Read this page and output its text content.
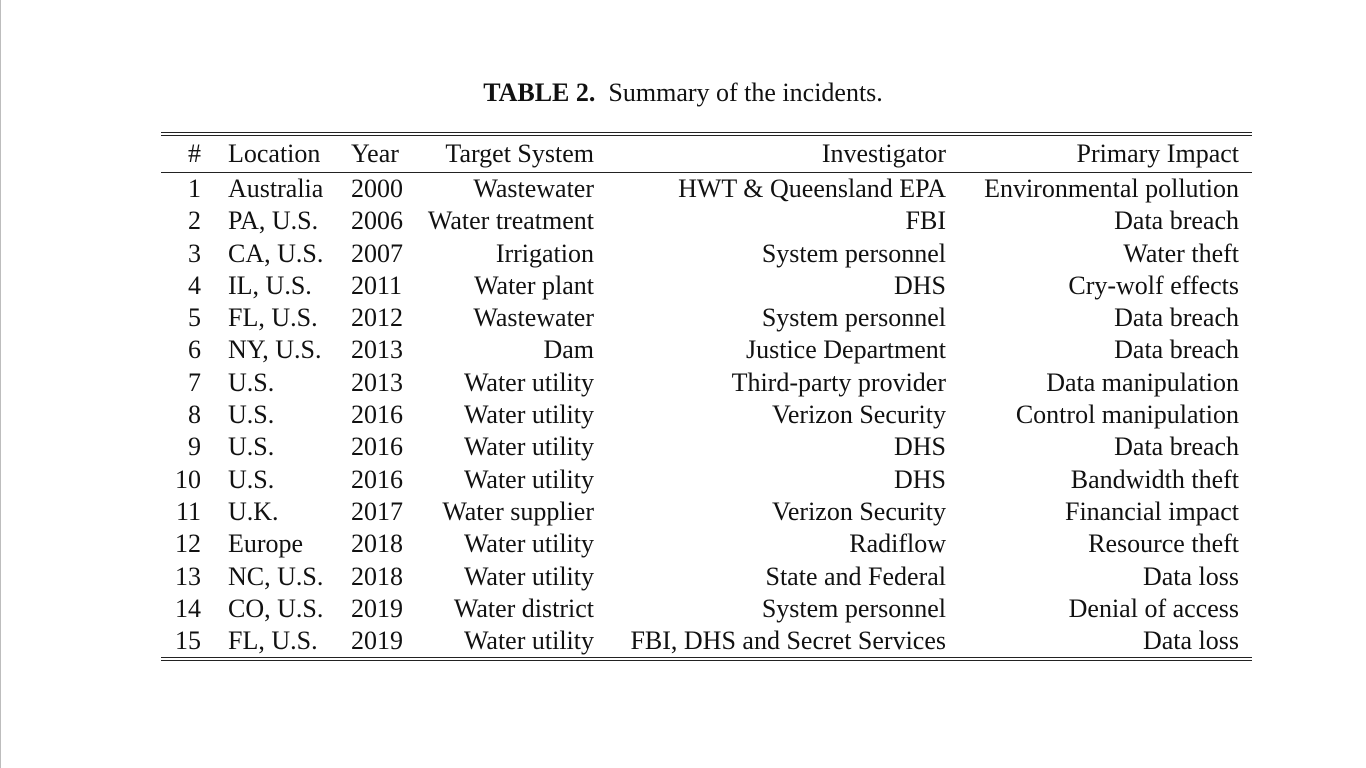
TABLE 2. Summary of the incidents.
#	Location	Year	Target System	Investigator	Primary Impact

1	Australia	2000	Wastewater	HWT & Queensland EPA	Environmental pollution
2	PA, U.S.	2006	Water treatment	FBI	Data breach
3	CA, U.S.	2007	Irrigation	System personnel	Water theft
4	IL, U.S.	2011	Water plant	DHS	Cry-wolf effects
5	FL, U.S.	2012	Wastewater	System personnel	Data breach
6	NY, U.S.	2013	Dam	Justice Department	Data breach
7	U.S.	2013	Water utility	Third-party provider	Data manipulation
8	U.S.	2016	Water utility	Verizon Security	Control manipulation
9	U.S.	2016	Water utility	DHS	Data breach
10	U.S.	2016	Water utility	DHS	Bandwidth theft
11	U.K.	2017	Water supplier	Verizon Security	Financial impact
12	Europe	2018	Water utility	Radiflow	Resource theft
13	NC, U.S.	2018	Water utility	State and Federal	Data loss
14	CO, U.S.	2019	Water district	System personnel	Denial of access
15	FL, U.S.	2019	Water utility	FBI, DHS and Secret Services	Data loss
